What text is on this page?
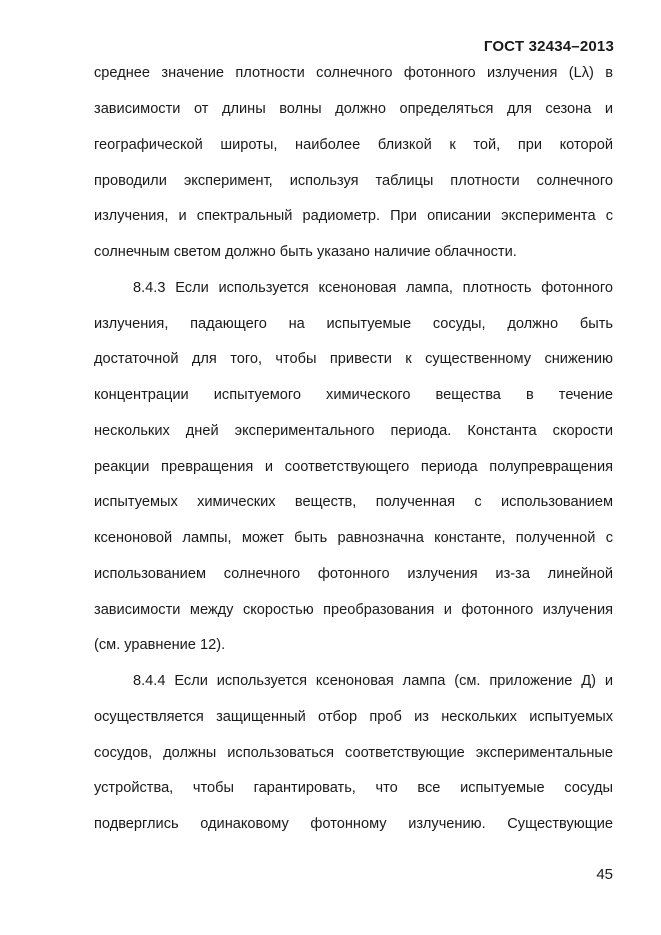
ГОСТ 32434–2013
среднее значение плотности солнечного фотонного излучения (Lλ) в
зависимости от длины волны должно определяться для сезона и
географической широты, наиболее близкой к той, при которой
проводили эксперимент, используя таблицы плотности солнечного
излучения, и спектральный радиометр. При описании эксперимента с
солнечным светом должно быть указано наличие облачности.
8.4.3 Если используется ксеноновая лампа, плотность фотонного
излучения, падающего на испытуемые сосуды, должно быть
достаточной для того, чтобы привести к существенному снижению
концентрации испытуемого химического вещества в течение
нескольких дней экспериментального периода. Константа скорости
реакции превращения и соответствующего периода полупревращения
испытуемых химических веществ, полученная с использованием
ксеноновой лампы, может быть равнозначна константе, полученной с
использованием солнечного фотонного излучения из-за линейной
зависимости между скоростью преобразования и фотонного излучения
(см. уравнение 12).
8.4.4 Если используется ксеноновая лампа (см. приложение Д) и
осуществляется защищенный отбор проб из нескольких испытуемых
сосудов, должны использоваться соответствующие экспериментальные
устройства, чтобы гарантировать, что все испытуемые сосуды
подверглись одинаковому фотонному излучению. Существующие
45
